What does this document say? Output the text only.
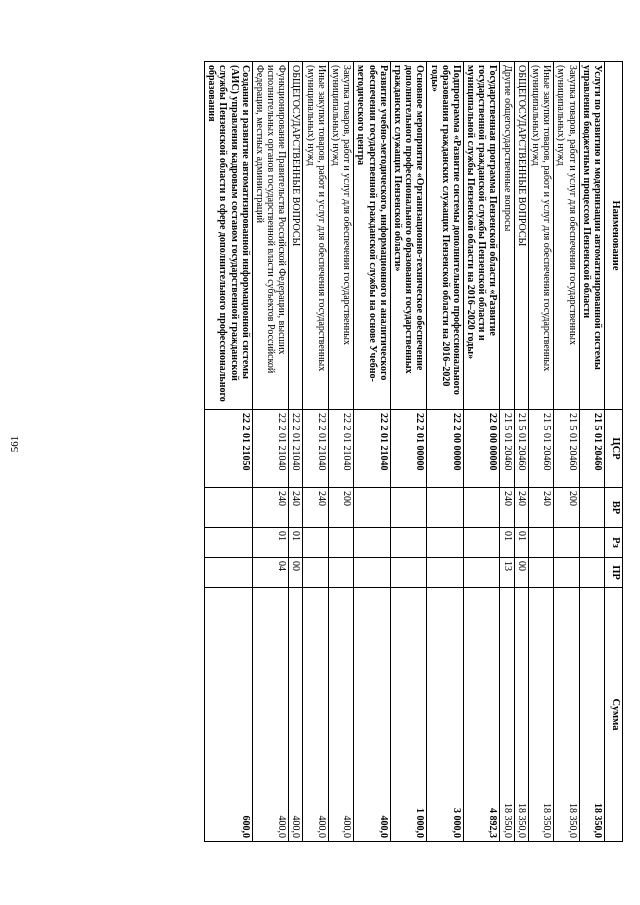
561
Наименование	ЦСР	ВР	Рз	ПР	Сумма
Услуги по развитию и модернизации автоматизированной системы управления бюджетным процессом Пензенской области	21 5 01 20460				18 350,0
Закупка товаров, работ и услуг для обеспечения государственных (муниципальных) нужд	21 5 01 20460	200			18 350,0
Иные закупки товаров, работ и услуг для обеспечения государственных (муниципальных) нужд	21 5 01 20460	240			18 350,0
ОБЩЕГОСУДАРСТВЕННЫЕ ВОПРОСЫ	21 5 01 20460	240	01	00	18 350,0
Другие общегосударственные вопросы	21 5 01 20460	240	01	13	18 350,0
Государственная программа Пензенской области «Развитие государственной гражданской службы Пензенской области и муниципальной службы Пензенской области на 2016–2020 годы»	22 0 00 00000				4 892,3
Подпрограмма «Развитие системы дополнительного профессионального образования гражданских служащих Пензенской области на 2016–2020 годы»	22 2 00 00000				3 000,0
Основное мероприятие «Организационно-техническое обеспечение дополнительного профессионального образования государственных гражданских служащих Пензенской области»	22 2 01 00000				1 000,0
Развитие учебно-методического, информационного и аналитического обеспечения государственной гражданской службы на основе Учебно-методического центра	22 2 01 21040				400,0
Закупка товаров, работ и услуг для обеспечения государственных (муниципальных) нужд	22 2 01 21040	200			400,0
Иные закупки товаров, работ и услуг для обеспечения государственных (муниципальных) нужд	22 2 01 21040	240			400,0
ОБЩЕГОСУДАРСТВЕННЫЕ ВОПРОСЫ	22 2 01 21040	240	01	00	400,0
Функционирование Правительства Российской Федерации, высших исполнительных органов государственной власти субъектов Российской Федерации, местных администраций	22 2 01 21040	240	01	04	400,0
Создание и развитие автоматизированной информационной системы (АИС) управления кадровым составом государственной гражданской службы Пензенской области в сфере дополнительного профессионального образования	22 2 01 21050				600,0
